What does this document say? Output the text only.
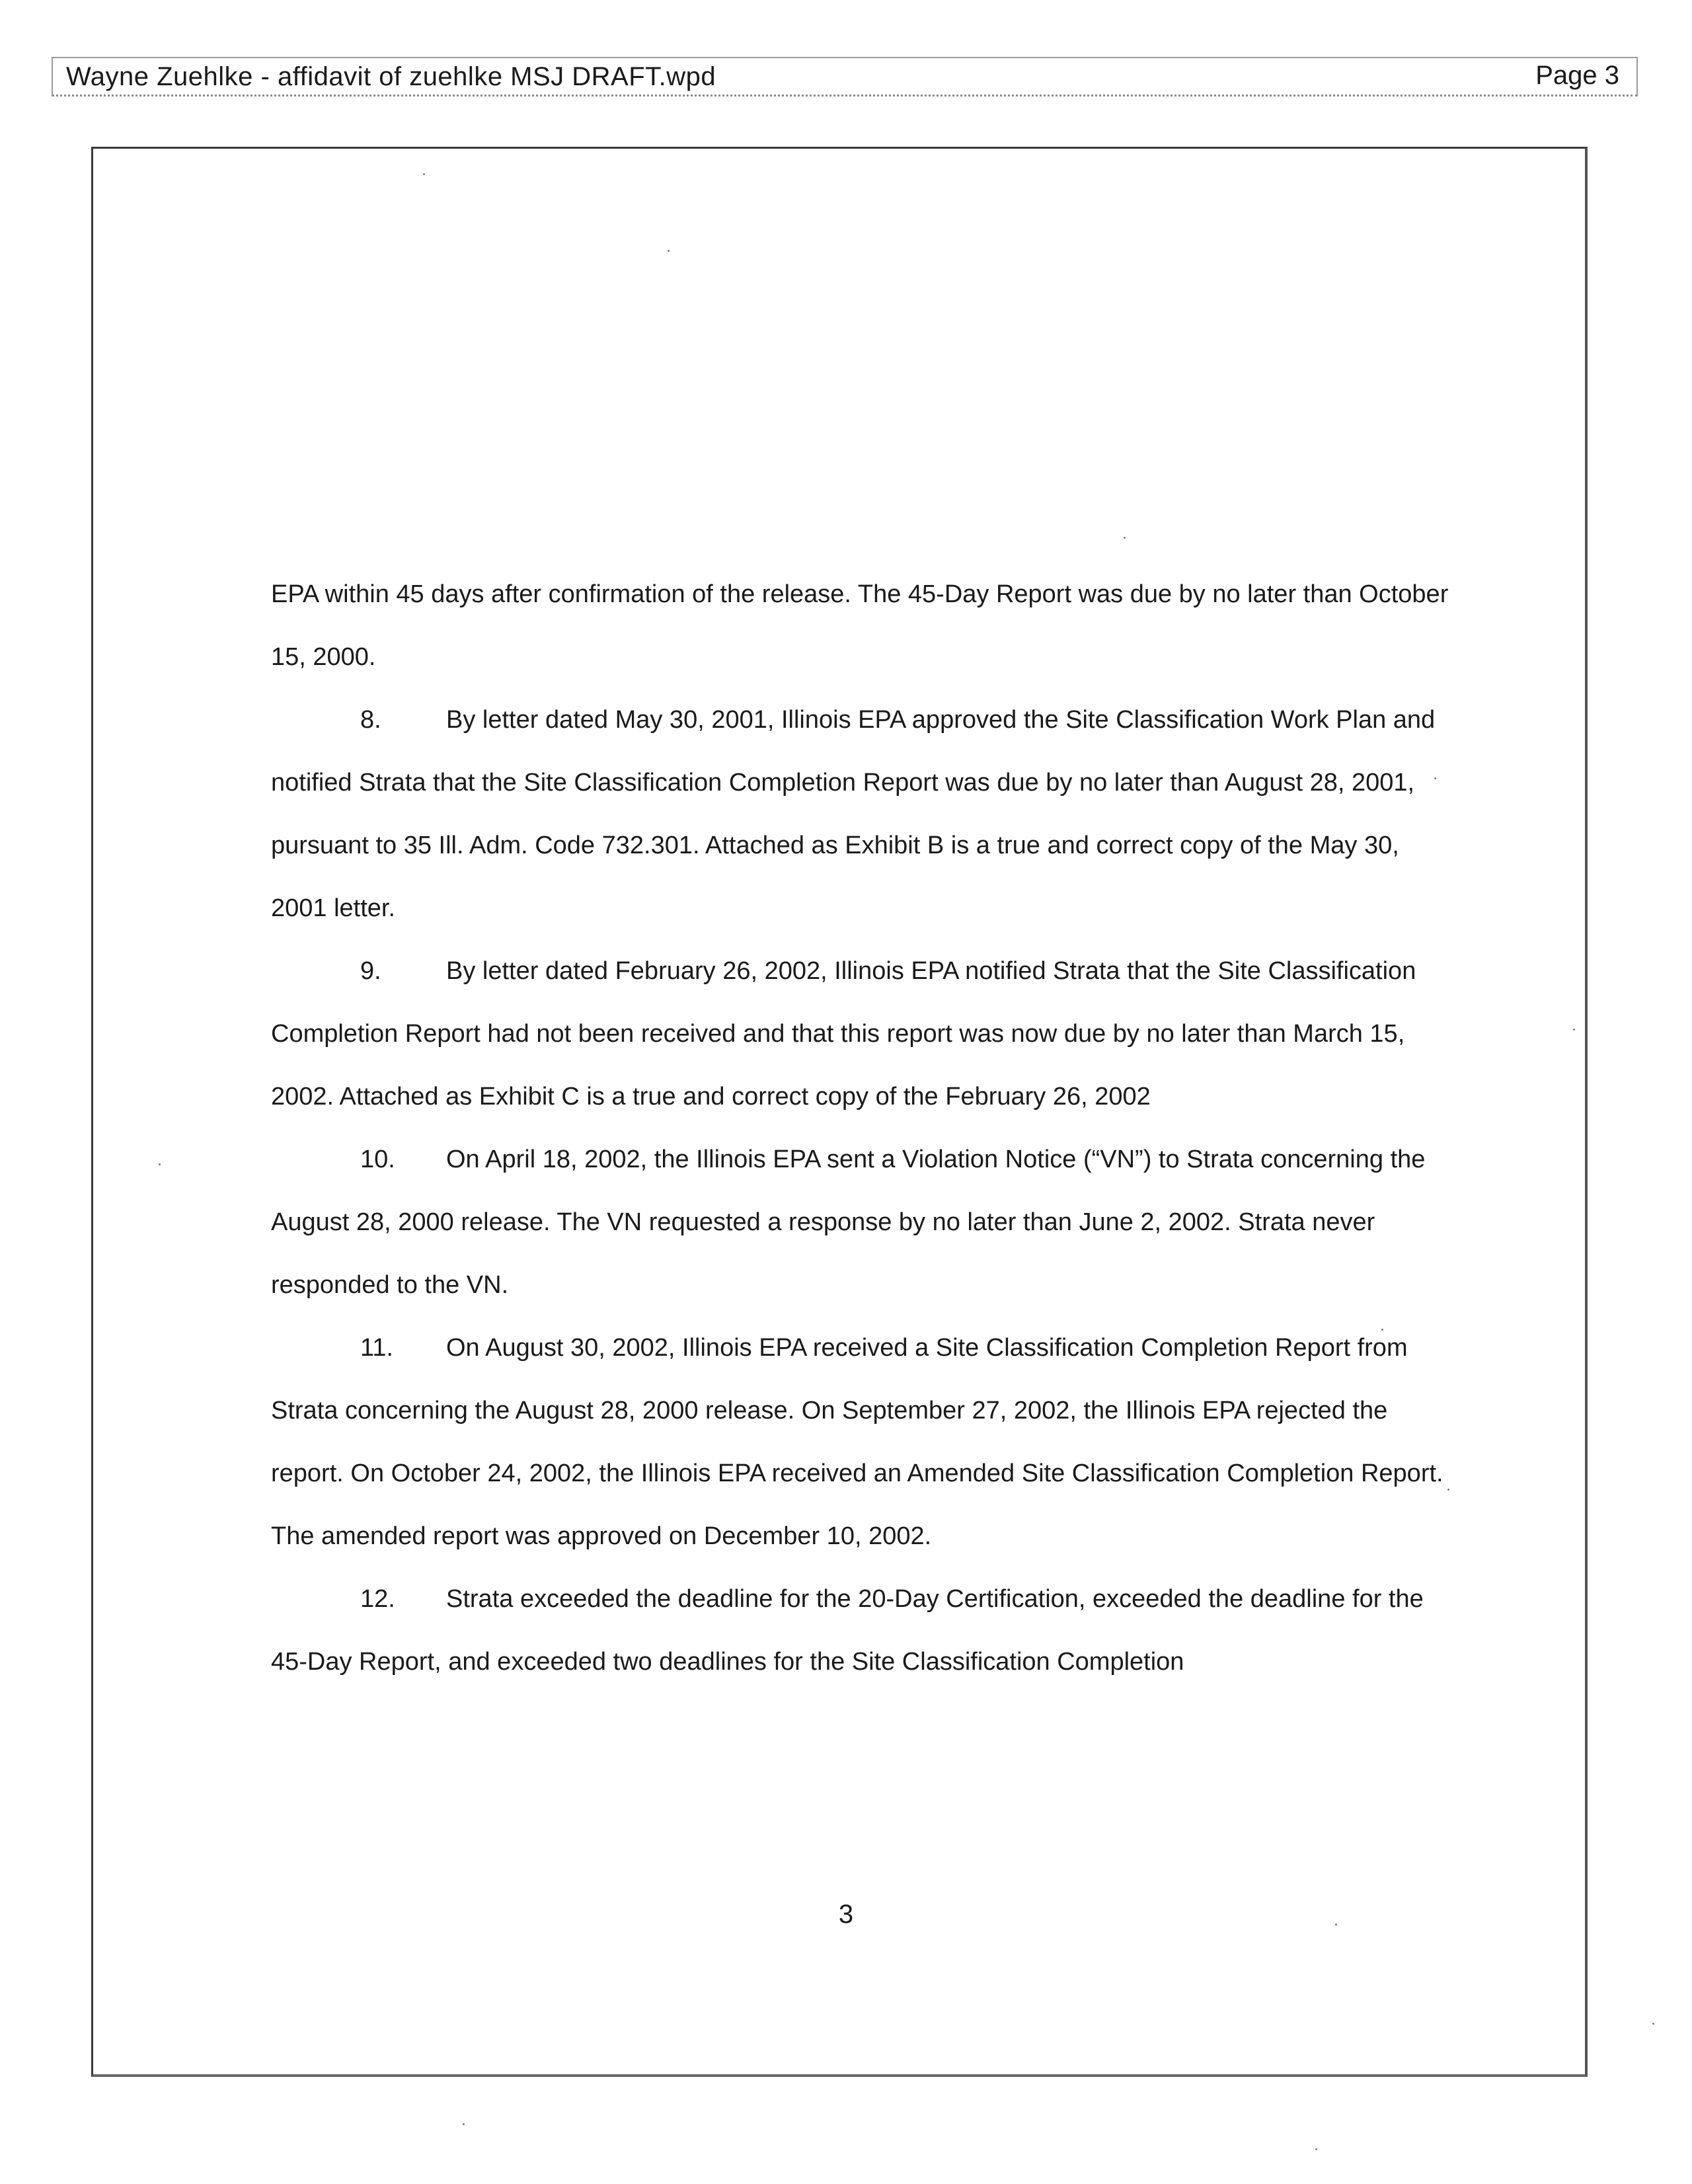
Wayne Zuehlke - affidavit of zuehlke MSJ DRAFT.wpd	Page 3

EPA within 45 days after confirmation of the release. The 45-Day Report was due by no later than October 15, 2000.

8.	By letter dated May 30, 2001, Illinois EPA approved the Site Classification Work Plan and notified Strata that the Site Classification Completion Report was due by no later than August 28, 2001, pursuant to 35 Ill. Adm. Code 732.301. Attached as Exhibit B is a true and correct copy of the May 30, 2001 letter.

9.	By letter dated February 26, 2002, Illinois EPA notified Strata that the Site Classification Completion Report had not been received and that this report was now due by no later than March 15, 2002. Attached as Exhibit C is a true and correct copy of the February 26, 2002

10. On April 18, 2002, the Illinois EPA sent a Violation Notice (“VN”) to Strata concerning the August 28, 2000 release. The VN requested a response by no later than June 2, 2002. Strata never responded to the VN.

11. On August 30, 2002, Illinois EPA received a Site Classification Completion Report from Strata concerning the August 28, 2000 release. On September 27, 2002, the Illinois EPA rejected the report. On October 24, 2002, the Illinois EPA received an Amended Site Classification Completion Report. The amended report was approved on December 10, 2002.

12. Strata exceeded the deadline for the 20-Day Certification, exceeded the deadline for the 45-Day Report, and exceeded two deadlines for the Site Classification Completion

3
